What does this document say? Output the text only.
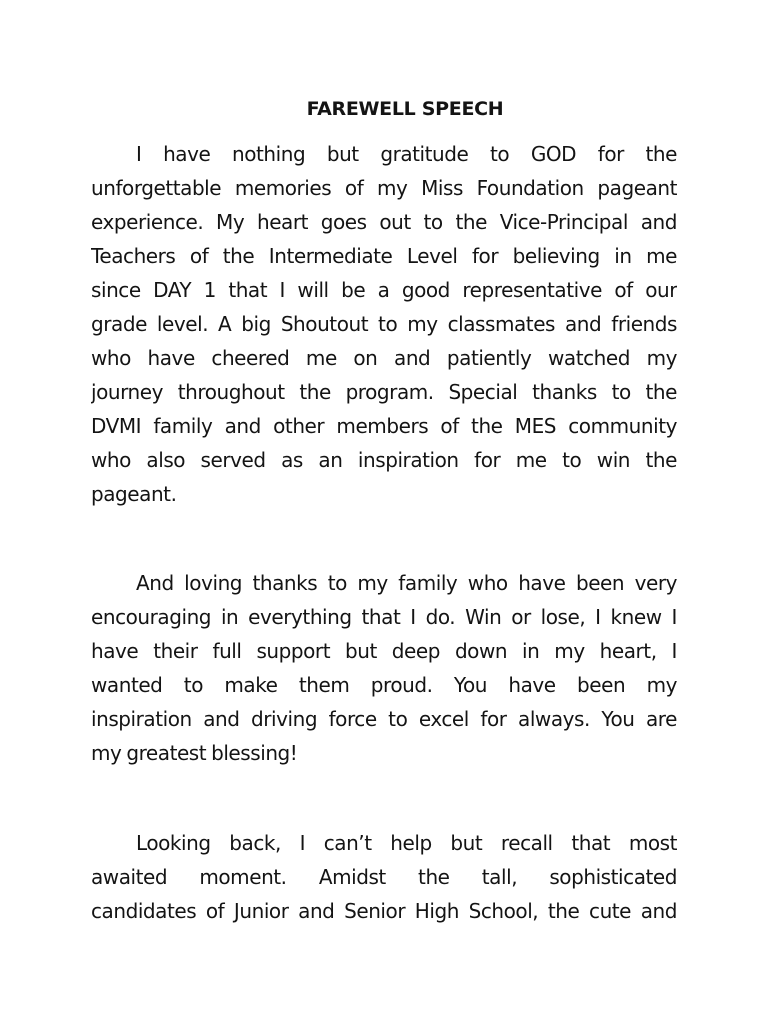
FAREWELL SPEECH
I have nothing but gratitude to GOD for the
unforgettable memories of my Miss Foundation pageant
experience. My heart goes out to the Vice-Principal and
Teachers of the Intermediate Level for believing in me
since DAY 1 that I will be a good representative of our
grade level. A big Shoutout to my classmates and friends
who have cheered me on and patiently watched my
journey throughout the program. Special thanks to the
DVMI family and other members of the MES community
who also served as an inspiration for me to win the
pageant.
And loving thanks to my family who have been very
encouraging in everything that I do. Win or lose, I knew I
have their full support but deep down in my heart, I
wanted to make them proud. You have been my
inspiration and driving force to excel for always. You are
my greatest blessing!
Looking back, I can’t help but recall that most
awaited moment. Amidst the tall, sophisticated
candidates of Junior and Senior High School, the cute and
